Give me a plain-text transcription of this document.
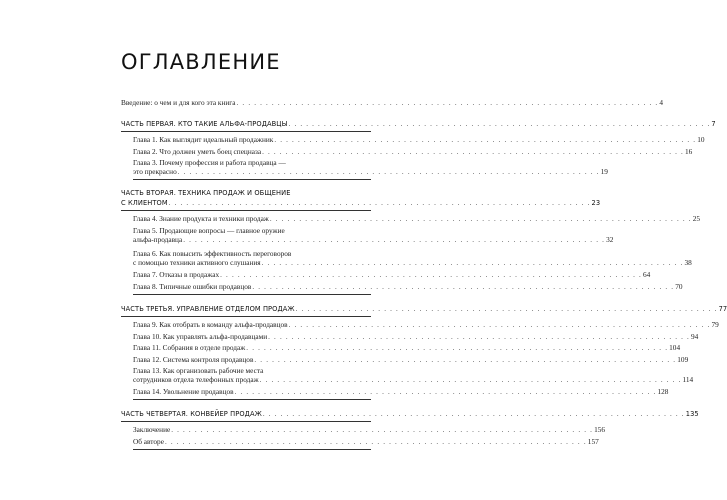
ОГЛАВЛЕНИЕ
Введение: о чем и для кого эта книга . . . . . . . . . . . . . . . . . . . . . . . . . . . . . . . . . . . . . . . . . . . . . . . . . . . . . . . . . . . . . . . . . . . . . . . . 4
ЧАСТЬ ПЕРВАЯ. КТО ТАКИЕ АЛЬФА-ПРОДАВЦЫ . . . . . . . . . . . . . . . . . . . . . . . . . . . . . . . . . . . . . . . . . . . . . . . . . . . . . . . . . . . . . . . . . . . . . . . . 7
Глава 1. Как выглядит идеальный продажник . . . . . . . . . . . . . . . . . . . . . . . . . . . . . . . . . . . . . . . . . . . . . . . . . . . . . . . . . . . . . . . . . . . . . . . . 10
Глава 2. Что должен уметь боец спецназа . . . . . . . . . . . . . . . . . . . . . . . . . . . . . . . . . . . . . . . . . . . . . . . . . . . . . . . . . . . . . . . . . . . . . . . . 16
Глава 3. Почему профессия и работа продавца —
это прекрасно . . . . . . . . . . . . . . . . . . . . . . . . . . . . . . . . . . . . . . . . . . . . . . . . . . . . . . . . . . . . . . . . . . . . . . . . 19
ЧАСТЬ ВТОРАЯ. ТЕХНИКА ПРОДАЖ И ОБЩЕНИЕ
С КЛИЕНТОМ . . . . . . . . . . . . . . . . . . . . . . . . . . . . . . . . . . . . . . . . . . . . . . . . . . . . . . . . . . . . . . . . . . . . . . . . 23
Глава 4. Знание продукта и техники продаж . . . . . . . . . . . . . . . . . . . . . . . . . . . . . . . . . . . . . . . . . . . . . . . . . . . . . . . . . . . . . . . . . . . . . . . . 25
Глава 5. Продающие вопросы — главное оружие
альфа-продавца . . . . . . . . . . . . . . . . . . . . . . . . . . . . . . . . . . . . . . . . . . . . . . . . . . . . . . . . . . . . . . . . . . . . . . . . 32
Глава 6. Как повысить эффективность переговоров
с помощью техники активного слушания . . . . . . . . . . . . . . . . . . . . . . . . . . . . . . . . . . . . . . . . . . . . . . . . . . . . . . . . . . . . . . . . . . . . . . . . 38
Глава 7. Отказы в продажах . . . . . . . . . . . . . . . . . . . . . . . . . . . . . . . . . . . . . . . . . . . . . . . . . . . . . . . . . . . . . . . . . . . . . . . . 64
Глава 8. Типичные ошибки продавцов . . . . . . . . . . . . . . . . . . . . . . . . . . . . . . . . . . . . . . . . . . . . . . . . . . . . . . . . . . . . . . . . . . . . . . . . 70
ЧАСТЬ ТРЕТЬЯ. УПРАВЛЕНИЕ ОТДЕЛОМ ПРОДАЖ . . . . . . . . . . . . . . . . . . . . . . . . . . . . . . . . . . . . . . . . . . . . . . . . . . . . . . . . . . . . . . . . . . . . . . . . 77
Глава 9. Как отобрать в команду альфа-продавцов . . . . . . . . . . . . . . . . . . . . . . . . . . . . . . . . . . . . . . . . . . . . . . . . . . . . . . . . . . . . . . . . . . . . . . . . 79
Глава 10. Как управлять альфа-продавцами . . . . . . . . . . . . . . . . . . . . . . . . . . . . . . . . . . . . . . . . . . . . . . . . . . . . . . . . . . . . . . . . . . . . . . . . 94
Глава 11. Собрания в отделе продаж . . . . . . . . . . . . . . . . . . . . . . . . . . . . . . . . . . . . . . . . . . . . . . . . . . . . . . . . . . . . . . . . . . . . . . . . 104
Глава 12. Система контроля продавцов . . . . . . . . . . . . . . . . . . . . . . . . . . . . . . . . . . . . . . . . . . . . . . . . . . . . . . . . . . . . . . . . . . . . . . . . 109
Глава 13. Как организовать рабочие места
сотрудников отдела телефонных продаж . . . . . . . . . . . . . . . . . . . . . . . . . . . . . . . . . . . . . . . . . . . . . . . . . . . . . . . . . . . . . . . . . . . . . . . . 114
Глава 14. Увольнение продавцов . . . . . . . . . . . . . . . . . . . . . . . . . . . . . . . . . . . . . . . . . . . . . . . . . . . . . . . . . . . . . . . . . . . . . . . . 128
ЧАСТЬ ЧЕТВЕРТАЯ. КОНВЕЙЕР ПРОДАЖ . . . . . . . . . . . . . . . . . . . . . . . . . . . . . . . . . . . . . . . . . . . . . . . . . . . . . . . . . . . . . . . . . . . . . . . . 135
Заключение . . . . . . . . . . . . . . . . . . . . . . . . . . . . . . . . . . . . . . . . . . . . . . . . . . . . . . . . . . . . . . . . . . . . . . . . 156
Об авторе . . . . . . . . . . . . . . . . . . . . . . . . . . . . . . . . . . . . . . . . . . . . . . . . . . . . . . . . . . . . . . . . . . . . . . . . 157
